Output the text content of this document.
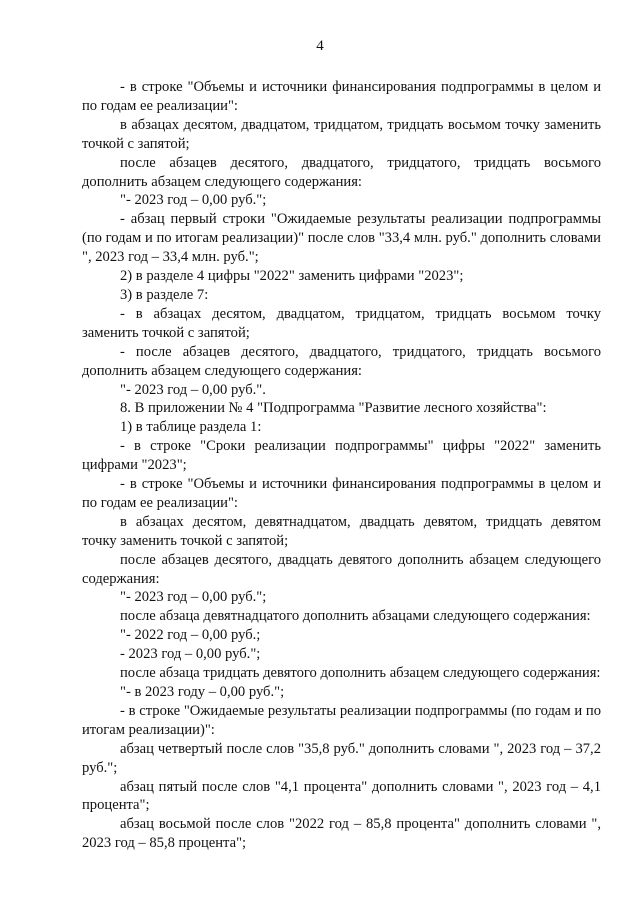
4

- в строке "Объемы и источники финансирования подпрограммы в целом и по годам ее реализации":

в абзацах десятом, двадцатом, тридцатом, тридцать восьмом точку заменить точкой с запятой;

после абзацев десятого, двадцатого, тридцатого, тридцать восьмого дополнить абзацем следующего содержания:

"- 2023 год – 0,00 руб.";

- абзац первый строки "Ожидаемые результаты реализации подпрограммы (по годам и по итогам реализации)" после слов "33,4 млн. руб." дополнить словами ", 2023 год – 33,4 млн. руб.";

2) в разделе 4 цифры "2022" заменить цифрами "2023";

3) в разделе 7:

- в абзацах десятом, двадцатом, тридцатом, тридцать восьмом точку заменить точкой с запятой;

- после абзацев десятого, двадцатого, тридцатого, тридцать восьмого дополнить абзацем следующего содержания:

"- 2023 год – 0,00 руб.".

8. В приложении № 4 "Подпрограмма "Развитие лесного хозяйства":

1) в таблице раздела 1:

- в строке "Сроки реализации подпрограммы" цифры "2022" заменить цифрами "2023";

- в строке "Объемы и источники финансирования подпрограммы в целом и по годам ее реализации":

в абзацах десятом, девятнадцатом, двадцать девятом, тридцать девятом точку заменить точкой с запятой;

после абзацев десятого, двадцать девятого дополнить абзацем следующего содержания:

"- 2023 год – 0,00 руб.";

после абзаца девятнадцатого дополнить абзацами следующего содержания:

"- 2022 год – 0,00 руб.;

- 2023 год – 0,00 руб.";

после абзаца тридцать девятого дополнить абзацем следующего содержания:

"- в 2023 году – 0,00 руб.";

- в строке "Ожидаемые результаты реализации подпрограммы (по годам и по итогам реализации)":

абзац четвертый после слов "35,8 руб." дополнить словами ", 2023 год – 37,2 руб.";

абзац пятый после слов "4,1 процента" дополнить словами ", 2023 год – 4,1 процента";

абзац восьмой после слов "2022 год – 85,8 процента" дополнить словами ", 2023 год – 85,8 процента";
